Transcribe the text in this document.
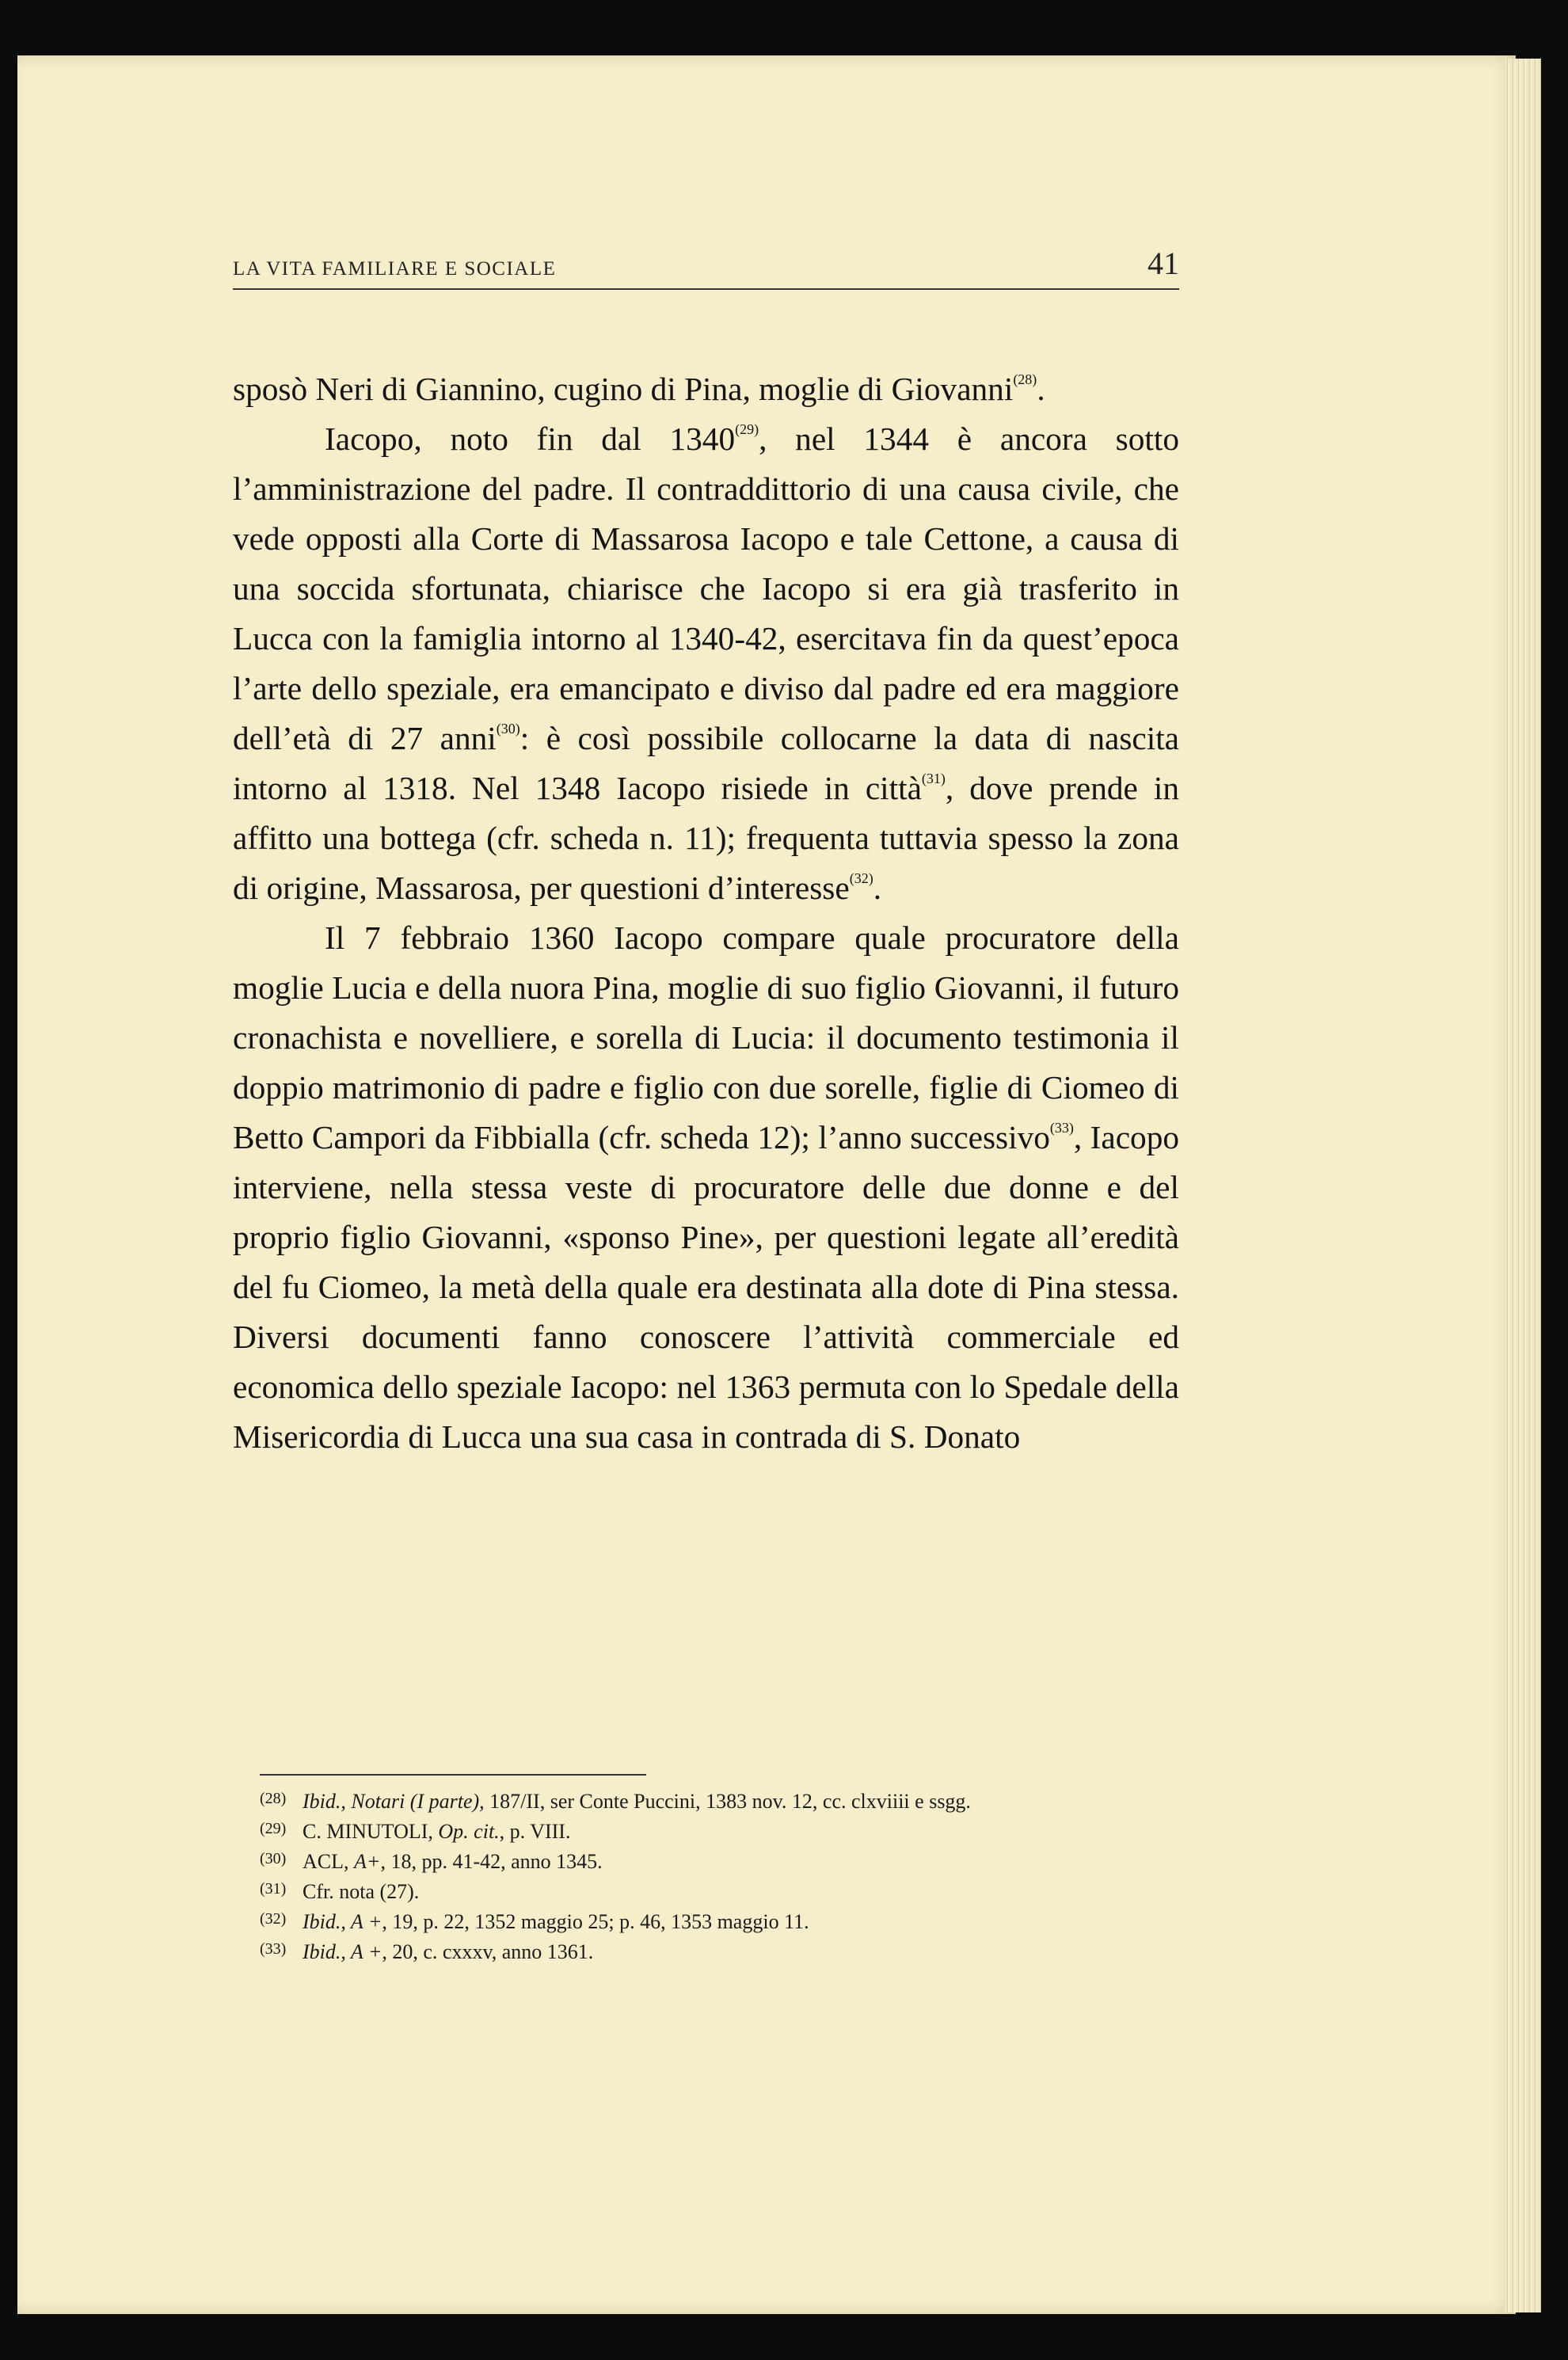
LA VITA FAMILIARE E SOCIALE	41

sposò Neri di Giannino, cugino di Pina, moglie di Giovanni$^{(28)}$.

Iacopo, noto fin dal 1340$^{(29)}$, nel 1344 è ancora sotto l’amministrazione del padre. Il contraddittorio di una causa civile, che vede opposti alla Corte di Massarosa Iacopo e tale Cettone, a causa di una soccida sfortunata, chiarisce che Iacopo si era già trasferito in Lucca con la famiglia intorno al 1340-42, esercitava fin da quest’epoca l’arte dello speziale, era emancipato e diviso dal padre ed era maggiore dell’età di 27 anni$^{(30)}$: è così possibile collocarne la data di nascita intorno al 1318. Nel 1348 Iacopo risiede in città$^{(31)}$, dove prende in affitto una bottega (cfr. scheda n. 11); frequenta tuttavia spesso la zona di origine, Massarosa, per questioni d’interesse$^{(32)}$.

Il 7 febbraio 1360 Iacopo compare quale procuratore della moglie Lucia e della nuora Pina, moglie di suo figlio Giovanni, il futuro cronachista e novelliere, e sorella di Lucia: il documento testimonia il doppio matrimonio di padre e figlio con due sorelle, figlie di Ciomeo di Betto Campori da Fibbialla (cfr. scheda 12); l’anno successivo$^{(33)}$, Iacopo interviene, nella stessa veste di procuratore delle due donne e del proprio figlio Giovanni, «sponso Pine», per questioni legate all’eredità del fu Ciomeo, la metà della quale era destinata alla dote di Pina stessa. Diversi documenti fanno conoscere l’attività commerciale ed economica dello speziale Iacopo: nel 1363 permuta con lo Spedale della Misericordia di Lucca una sua casa in contrada di S. Donato

(28) Ibid., Notari (I parte), 187/II, ser Conte Puccini, 1383 nov. 12, cc. clxviiii e ssgg.
(29) C. MINUTOLI, Op. cit., p. VIII.
(30) ACL, A+, 18, pp. 41-42, anno 1345.
(31) Cfr. nota (27).
(32) Ibid., A +, 19, p. 22, 1352 maggio 25; p. 46, 1353 maggio 11.
(33) Ibid., A +, 20, c. cxxxv, anno 1361.
